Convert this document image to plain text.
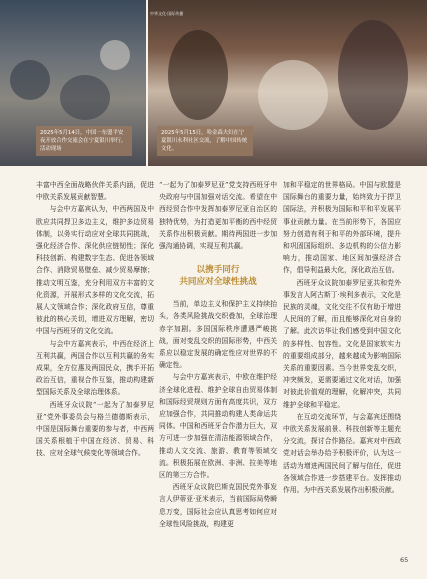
中华文化·国际传播
2025年5月14日，中国一东盟平安夜开放合作交流会在宁夏银川举行。活动现场
2025年5月15日，哈金森夫妇在宁夏银川永利社区交流，了解中国传统文化。

丰富中西全面战略伙伴关系内涵，促进中欧关系发展贡献智慧。

与会中方嘉宾认为，中西两国及中欧应共同捍卫多边主义，维护多边贸易体制，以务实行动应对全球共同挑战，强化经济合作、深化供应链韧性；深化科技创新、构建数字生态、促进各领域合作、消除贸易壁垒、减少贸易摩擦；推动文明互鉴，充分利用双方丰富的文化资源，开展形式多样的文化交流，拓展人文领域合作；深化政府互信，尊重彼此的核心关切，增进双方理解，密切中国与西班牙的文化交流。

与会中方嘉宾表示，中西在经济上互利共赢，两国合作以互利共赢的务实成果，全方位惠及两国民众，携手开拓政治互信，重视合作互鉴，推动构建新型国际关系及全球治理体系。

西班牙众议院“一起为了加泰罗尼亚”党外事委员会与格兰德德斯表示，中国是国际舞台重要的参与者，中西两国关系根植于中国在经济、贸易、科技、应对全球气候变化等领域合作。

“一起为了加泰罗尼亚”党支持西班牙中央政府与中国加强对话交流。希望在中西经贸合作中发挥加泰罗尼亚自治区的独特优势，为打造更加平衡的西中经贸关系作出积极贡献。期待两国进一步加强沟通协调，实现互利共赢。

以携手同行
共同应对全球性挑战

当前，单边主义和保护主义持续抬头，各类风险挑战交织叠加，全球治理赤字加剧。多国国际秩序遭遇严峻挑战，面对变乱交织的国际形势，中西关系应以稳定发展的确定性应对世界的不确定性。

与会中方嘉宾表示，中欧在维护经济全球化进程、维护全球自由贸易体制和国际经贸规则方面有高度共识，双方应加强合作，共同推动构建人类命运共同体。中国和西班牙合作潜力巨大，双方可进一步加强在清洁能源领域合作，推动人文交流、旅游、教育等领域交流。积极拓展在欧洲、非洲、拉美等地区的第三方合作。

西班牙众议院巴斯克国民党外事发言人伊蒂亚·亚米表示，当前国际局势瞬息万变，国际社会应认真思考如何应对全球性风险挑战，构建更

加和平稳定的世界格局。中国与欧盟是国际舞台的重要力量，始终致力于捍卫国际法，并积极为国际和平和平发展平事业贡献力量。在当前形势下，各国应努力创造有利于和平的外部环境，提升和巩固国际组织、多边机构的公信力影响力，推动国家、地区间加强经济合作，倡导利益最大化，深化政治互信。

西班牙众议院加泰罗尼亚共和党外事发言人阿古斯丁·埃利多表示，文化是民族的灵魂，文化交往不仅有助于增进人民间的了解，而且能够深化对自身的了解。此次访华让我们感受到中国文化的多样性、包容性。文化是国家软实力的重要组成部分，越来越成为影响国际关系的重要因素。当今世界变乱交织，冲突频发，更需要通过文化对话，加强对彼此价值观的理解，化解冲突，共同维护全球和平稳定。

在互动交流环节，与会嘉宾还围绕中欧关系发展前景、科技创新等主题充分交流，探讨合作路径。嘉宾对中西政党对话会举办给予积极评价，认为这一活动为增进两国民间了解与信任，促进各领域合作进一步搭建平台。发挥推动作用。为中西关系发展作出积极贡献。

65
